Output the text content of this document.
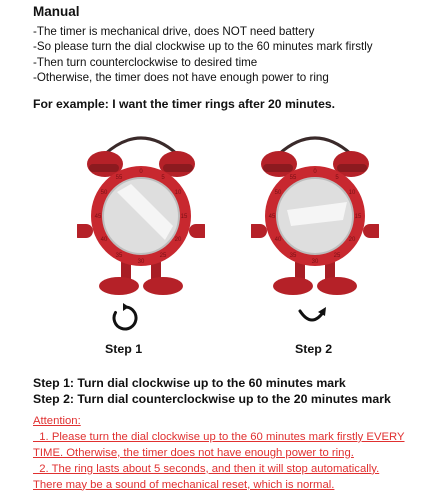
Manual
-The timer is mechanical drive, does NOT need battery
-So please turn the dial clockwise up to the 60 minutes mark firstly
-Then turn counterclockwise to desired time
-Otherwise, the timer does not have enough power to ring
For example: I want the timer rings after 20 minutes.
0
5
10
15
20
25
30
35
40
45
50
55
0
5
10
15
20
25
30
35
40
45
50
55
Step 1	Step 2
Step 1: Turn dial clockwise up to the 60 minutes mark
Step 2: Turn dial counterclockwise up to the 20 minutes mark
Attention:
1. Please turn the dial clockwise up to the 60 minutes mark firstly EVERY
TIME. Otherwise, the timer does not have enough power to ring.
2. The ring lasts about 5 seconds, and then it will stop automatically.
There may be a sound of mechanical reset, which is normal.
